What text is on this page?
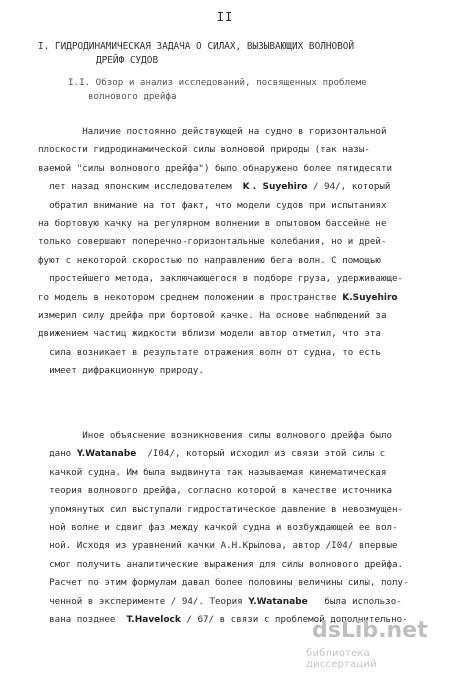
II
I. ГИДРОДИНАМИЧЕСКАЯ ЗАДАЧА О СИЛАХ, ВЫЗЫВАЮЩИХ ВОЛНОВОЙ
ДРЕЙФ СУДОВ
I.I. Обзор и анализ исследований, посвященных проблеме
волнового дрейфа
Наличие постоянно действующей на судно в горизонтальной
плоскости гидродинамической силы волновой природы (так назы-
ваемой "силы волнового дрейфа") было обнаружено более пятидесяти
лет назад японским исследователем  K .  Suyehiro / 94/, который
обратил внимание на тот факт, что модели судов при испытаниях
на бортовую качку на регулярном волнении в опытовом бассейне не
только совершают поперечно-горизонтальные колебания, но и дрей-
фуют с некоторой скоростью по направлению бега волн. С помощью
простейшего метода, заключающегося в подборе груза, удерживающе-
го модель в некотором среднем положении в пространстве K.Suyehiro
измерил силу дрейфа при бортовой качке. На основе наблюдений за
движением частиц жидкости вблизи модели автор отметил, что эта
сила возникает в результате отражения волн от судна, то есть
имеет дифракционную природу.
Иное объяснение возникновения силы волнового дрейфа было
дано Y.Watanabe  /I04/, который исходил из связи этой силы с
качкой судна. Им была выдвинута так называемая кинематическая
теория волнового дрейфа, согласно которой в качестве источника
упомянутых сил выступали гидростатическое давление в невозмущен-
ной волне и сдвиг фаз между качкой судна и возбуждающей ее вол-
ной. Исходя из уравнений качки А.Н.Крылова, автор /I04/ впервые
смог получить аналитические выражения для силы волнового дрейфа.
Расчет по этим формулам давал более половины величины силы, полу-
ченной в эксперименте / 94/. Теория Y.Watanabe   была использо-
вана позднее  T.Havelock / 67/ в связи с проблемой дополнительно-
dsLib.net
библиотека диссертаций
